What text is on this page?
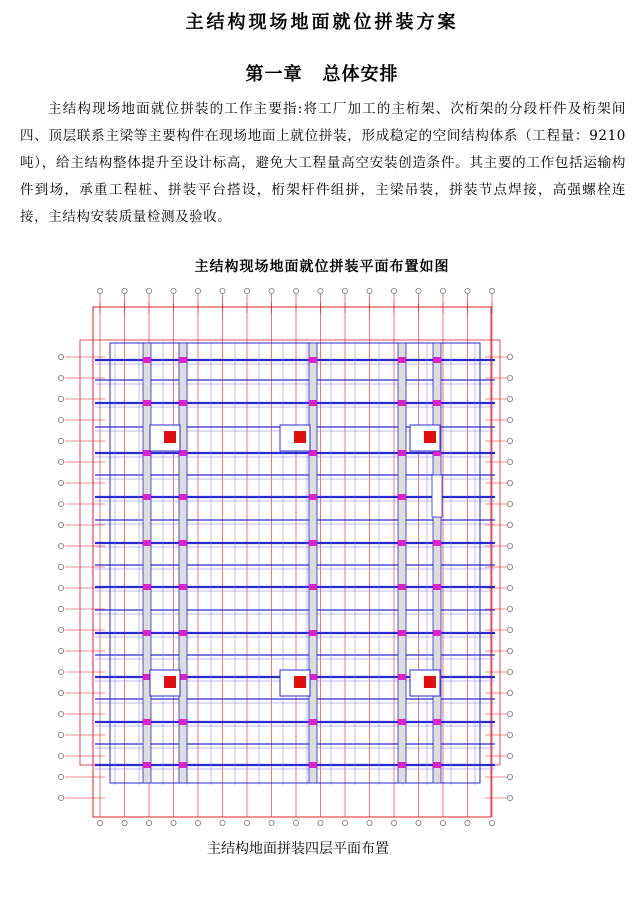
主结构现场地面就位拼装方案
第一章 总体安排

主结构现场地面就位拼装的工作主要指:将工厂加工的主桁架、次桁架的分段杆件及桁架间四、顶层联系主梁等主要构件在现场地面上就位拼装，形成稳定的空间结构体系（工程量：9210吨），给主结构整体提升至设计标高，避免大工程量高空安装创造条件。其主要的工作包括运输构件到场，承重工程桩、拼装平台搭设，桁架杆件组拼，主梁吊装，拼装节点焊接，高强螺栓连接，主结构安装质量检测及验收。

主结构现场地面就位拼装平面布置如图
主结构地面拼装四层平面布置
